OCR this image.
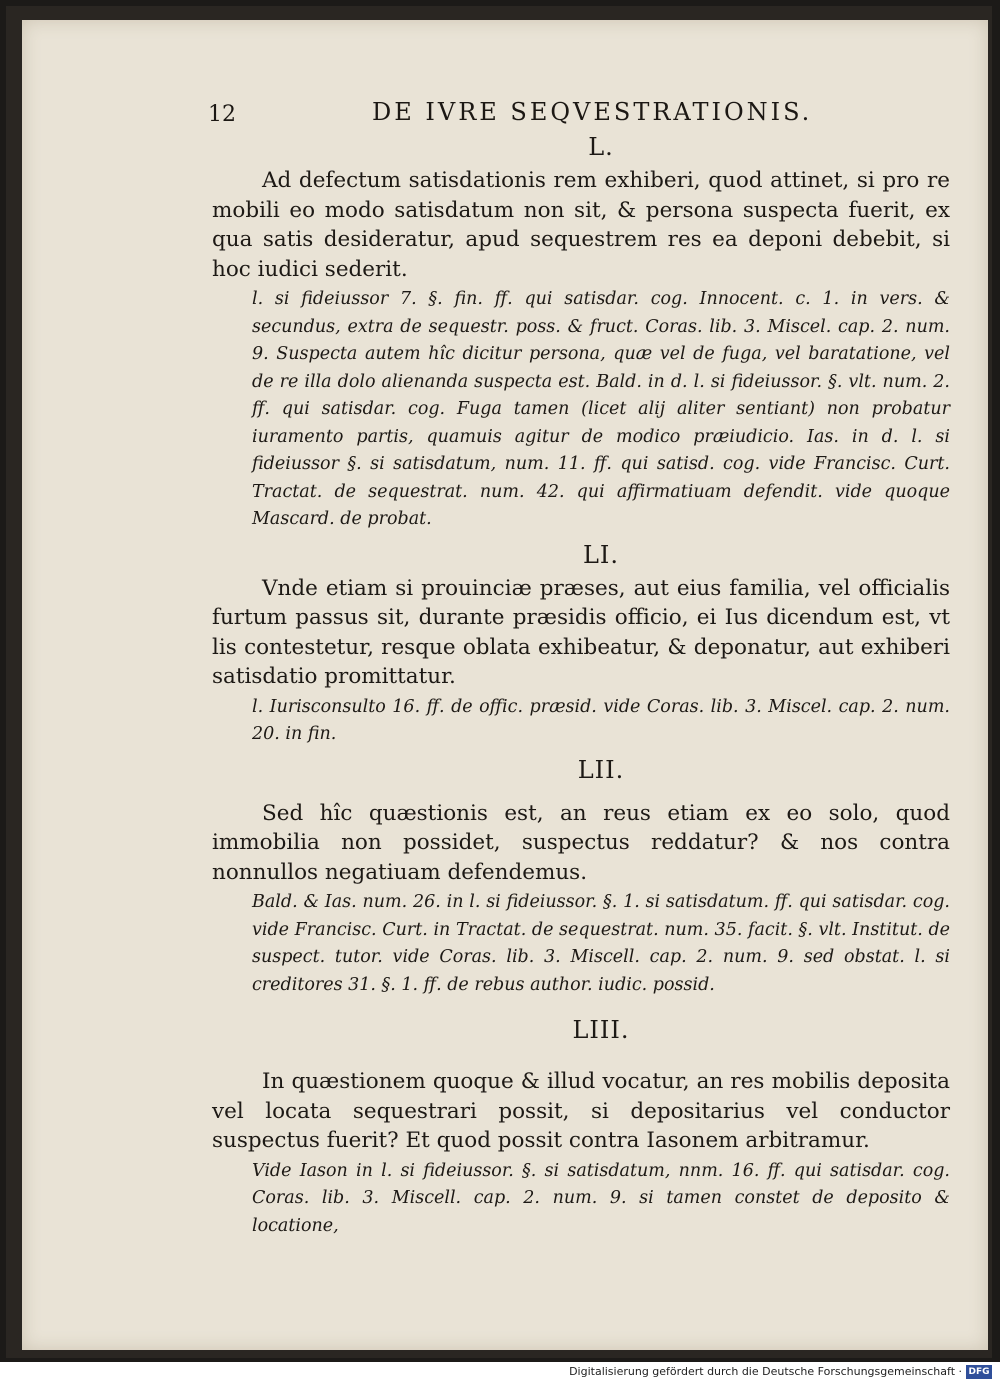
12	DE IVRE SEQVESTRATIONIS.
L.

Ad defectum satisdationis rem exhiberi, quod attinet, si pro re mobili eo modo satisdatum non sit, & persona suspecta fuerit, ex qua satis desideratur, apud sequestrem res ea deponi debebit, si hoc iudici sederit.

l. si fideiussor 7. §. fin. ff. qui satisdar. cog. Innocent. c. 1. in vers. & secundus, extra de sequestr. poss. & fruct. Coras. lib. 3. Miscel. cap. 2. num. 9. Suspecta autem hîc dicitur persona, quæ vel de fuga, vel baratatione, vel de re illa dolo alienanda suspecta est. Bald. in d. l. si fideiussor. §. vlt. num. 2. ff. qui satisdar. cog. Fuga tamen (licet alij aliter sentiant) non probatur iuramento partis, quamuis agitur de modico præiudicio. Ias. in d. l. si fideiussor §. si satisdatum, num. 11. ff. qui satisd. cog. vide Francisc. Curt. Tractat. de sequestrat. num. 42. qui affirmatiuam defendit. vide quoque Mascard. de probat.

LI.

Vnde etiam si prouinciæ præses, aut eius familia, vel officialis furtum passus sit, durante præsidis officio, ei Ius dicendum est, vt lis contestetur, resque oblata exhibeatur, & deponatur, aut exhiberi satisdatio promittatur.

l. Iurisconsulto 16. ff. de offic. præsid. vide Coras. lib. 3. Miscel. cap. 2. num. 20. in fin.

LII.

Sed hîc quæstionis est, an reus etiam ex eo solo, quod immobilia non possidet, suspectus reddatur? & nos contra nonnullos negatiuam defendemus.

Bald. & Ias. num. 26. in l. si fideiussor. §. 1. si satisdatum. ff. qui satisdar. cog. vide Francisc. Curt. in Tractat. de sequestrat. num. 35. facit. §. vlt. Institut. de suspect. tutor. vide Coras. lib. 3. Miscell. cap. 2. num. 9. sed obstat. l. si creditores 31. §. 1. ff. de rebus author. iudic. possid.

LIII.

In quæstionem quoque & illud vocatur, an res mobilis deposita vel locata sequestrari possit, si depositarius vel conductor suspectus fuerit? Et quod possit contra Iasonem arbitramur.

Vide Iason in l. si fideiussor. §. si satisdatum, nnm. 16. ff. qui satisdar. cog. Coras. lib. 3. Miscell. cap. 2. num. 9. si tamen constet de deposito & locatione,

Digitalisierung gefördert durch die Deutsche Forschungsgemeinschaft · DFG
